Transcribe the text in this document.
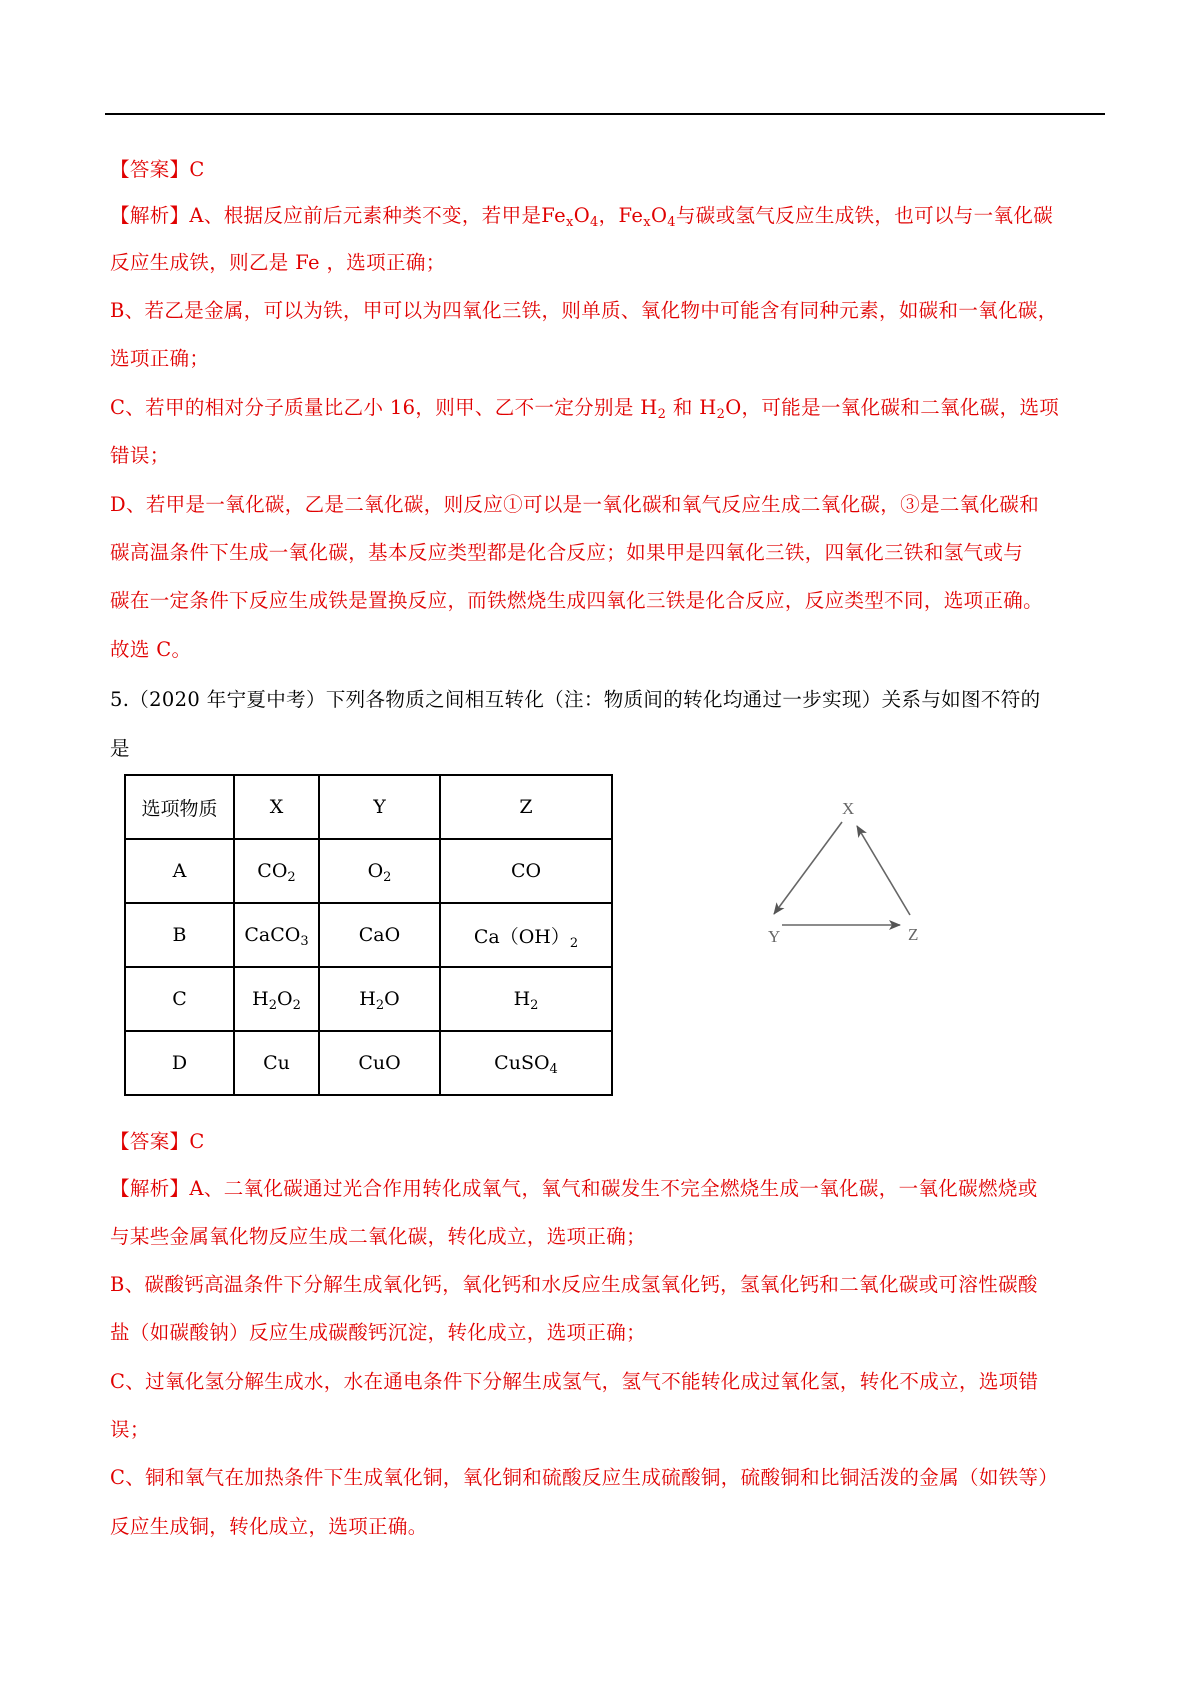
【答案】C
【解析】A、根据反应前后元素种类不变，若甲是$Fe_xO_4$，$Fe_xO_4$与碳或氢气反应生成铁，也可以与一氧化碳
反应生成铁，则乙是 Fe ，选项正确；
B、若乙是金属，可以为铁，甲可以为四氧化三铁，则单质、氧化物中可能含有同种元素，如碳和一氧化碳，
选项正确；
C、若甲的相对分子质量比乙小 16，则甲、乙不一定分别是 $H_2$ 和 $H_2O$，可能是一氧化碳和二氧化碳，选项
错误；
D、若甲是一氧化碳，乙是二氧化碳，则反应①可以是一氧化碳和氧气反应生成二氧化碳，③是二氧化碳和
碳高温条件下生成一氧化碳，基本反应类型都是化合反应；如果甲是四氧化三铁，四氧化三铁和氢气或与
碳在一定条件下反应生成铁是置换反应，而铁燃烧生成四氧化三铁是化合反应，反应类型不同，选项正确。
故选 C。
5.（2020 年宁夏中考）下列各物质之间相互转化（注：物质间的转化均通过一步实现）关系与如图不符的
是
选项物质	X	Y	Z
A	$CO_2$	$O_2$	CO
B	CaCO$_3$	CaO	$Ca(OH)_2$
C	$H_2O_2$	$H_2O$	$H_2$
D	Cu	CuO	CuSO$_4$
X
Y	Z
【答案】C
【解析】A、二氧化碳通过光合作用转化成氧气，氧气和碳发生不完全燃烧生成一氧化碳，一氧化碳燃烧或
与某些金属氧化物反应生成二氧化碳，转化成立，选项正确；
B、碳酸钙高温条件下分解生成氧化钙，氧化钙和水反应生成氢氧化钙，氢氧化钙和二氧化碳或可溶性碳酸
盐（如碳酸钠）反应生成碳酸钙沉淀，转化成立，选项正确；
C、过氧化氢分解生成水，水在通电条件下分解生成氢气，氢气不能转化成过氧化氢，转化不成立，选项错
误；
C、铜和氧气在加热条件下生成氧化铜，氧化铜和硫酸反应生成硫酸铜，硫酸铜和比铜活泼的金属（如铁等）
反应生成铜，转化成立，选项正确。
